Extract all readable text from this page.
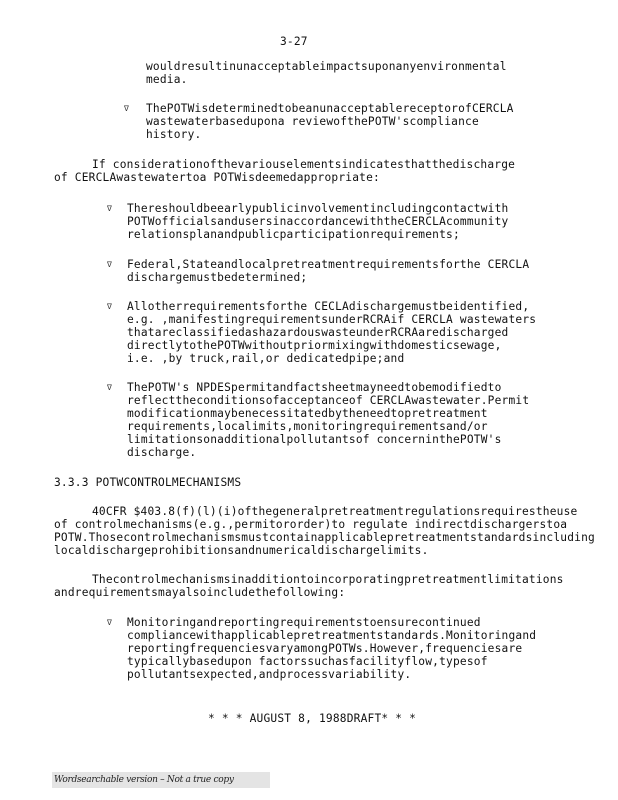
3-27
wouldresultinunacceptableimpactsuponanyenvironmental
media.
∇ ThePOTWisdeterminedtobeanunacceptablereceptorofCERCLA
wastewaterbasedupona reviewofthePOTW'scompliance
history.
If considerationofthevariouselementsindicatesthatthedischarge
of CERCLAwastewatertoa POTWisdeemedappropriate:
∇ Thereshouldbeearlypublicinvolvementincludingcontactwith
POTWofficialsandusersinaccordancewiththeCERCLAcommunity
relationsplanandpublicparticipationrequirements;
∇ Federal,Stateandlocalpretreatmentrequirementsforthe CERCLA
dischargemustbedetermined;
∇ Allotherrequirementsforthe CECLAdischargemustbeidentified,
e.g. ,manifestingrequirementsunderRCRAif CERCLA wastewaters
thatareclassifiedashazardouswasteunderRCRAaredischarged
directlytothePOTWwithoutpriormixingwithdomesticsewage,
i.e. ,by truck,rail,or dedicatedpipe;and
∇ ThePOTW's NPDESpermitandfactsheetmayneedtobemodifiedto
reflecttheconditionsofacceptanceof CERCLAwastewater.Permit
modificationmaybenecessitatedbytheneedtopretreatment
requirements,localimits,monitoringrequirementsand/or
limitationsonadditionalpollutantsof concerninthePOTW's
discharge.
3.3.3 POTWCONTROLMECHANISMS
40CFR $403.8(f)(l)(i)ofthegeneralpretreatmentregulationsrequirestheuse
of controlmechanisms(e.g.,permitororder)to regulate indirectdischargerstoa
POTW.Thosecontrolmechanismsmustcontainapplicablepretreatmentstandardsincluding
localdischargeprohibitionsandnumericaldischargelimits.
Thecontrolmechanismsinadditiontoincorporatingpretreatmentlimitations
andrequirementsmayalsoincludethefollowing:
∇ Monitoringandreportingrequirementstoensurecontinued
compliancewithapplicablepretreatmentstandards.Monitoringand
reportingfrequenciesvaryamongPOTWs.However,frequenciesare
typicallybasedupon factorssuchasfacilityflow,typesof
pollutantsexpected,andprocessvariability.
* * * AUGUST 8, 1988DRAFT* * *
Wordsearchable version – Not a true copy
